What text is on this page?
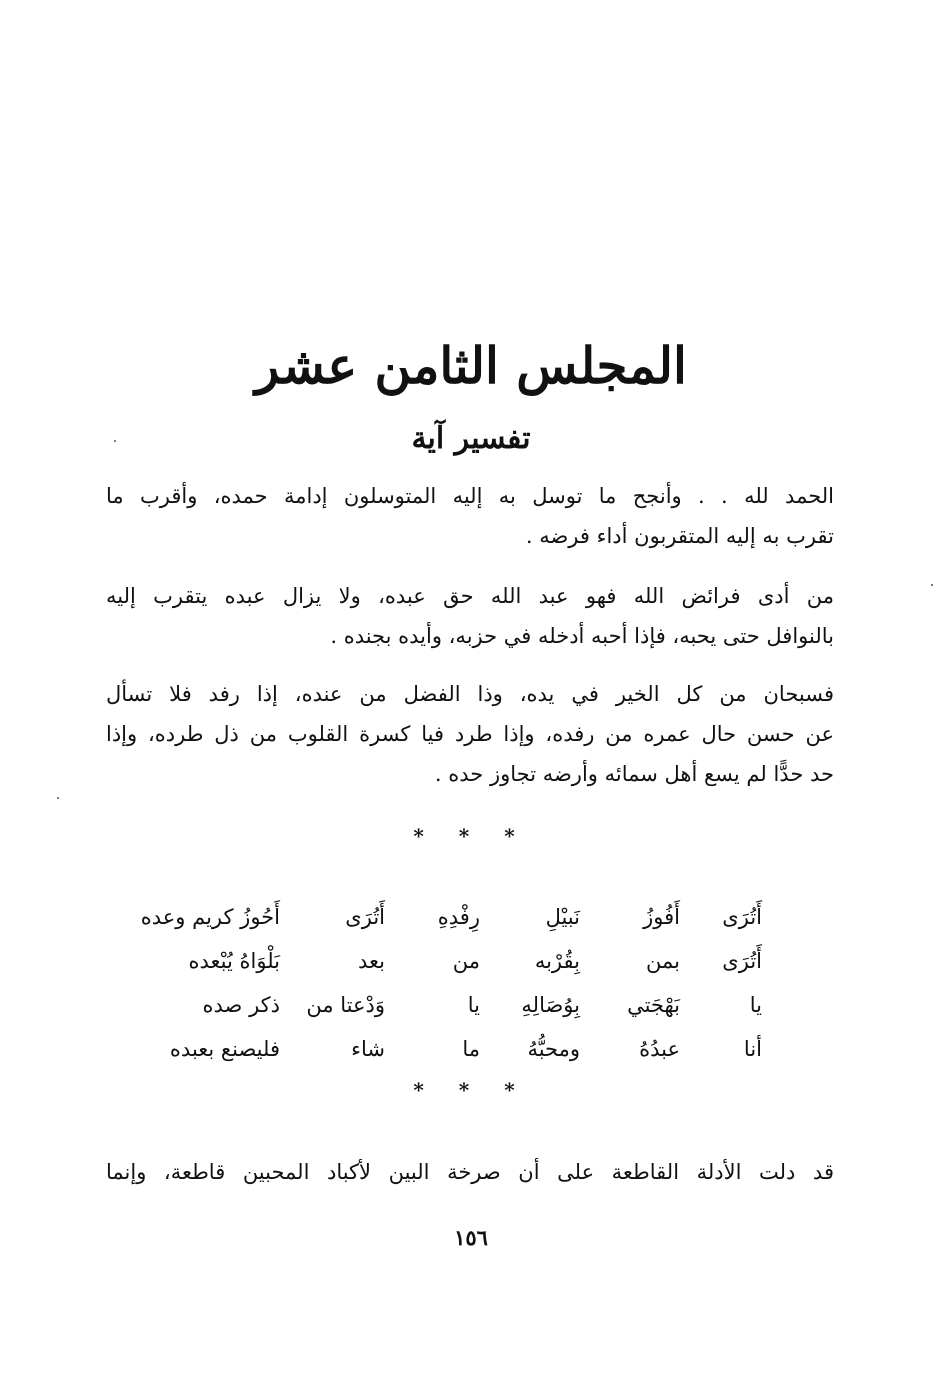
المجلس الثامن عشر
تفسير آية
الحمد لله . . وأنجح ما توسل به إليه المتوسلون إدامة حمده، وأقرب ما
تقرب به إليه المتقربون أداء فرضه .
من أدى فرائض الله فهو عبد الله حق عبده، ولا يزال عبده يتقرب إليه
بالنوافل حتى يحبه، فإذا أحبه أدخله في حزبه، وأيده بجنده .
فسبحان من كل الخير في يده، وذا الفضل من عنده، إذا رفد فلا تسأل
عن حسن حال عمره من رفده، وإذا طرد فيا كسرة القلوب من ذل طرده، وإذا
حد حدًّا لم يسع أهل سمائه وأرضه تجاوز حده .
* * *
أَتُرَى
أَفُوزُ
نَبيْلِ
رِفْدِهِ
أَتُرَى
أَحُوزُ كريم وعده
أَتُرَى
بمن
بِقُرْبه
من
بعد
بَلْوَاهُ يُبْعده
يا
بَهْجَتي
بِوُصَالِهِ
يا
وَدْعتا من
ذكر صده
أنا
عبدُهُ
ومحبُّهُ
ما
شاء
فليصنع بعبده
* * *
قد دلت الأدلة القاطعة على أن صرخة البين لأكباد المحبين قاطعة، وإنما
١٥٦
